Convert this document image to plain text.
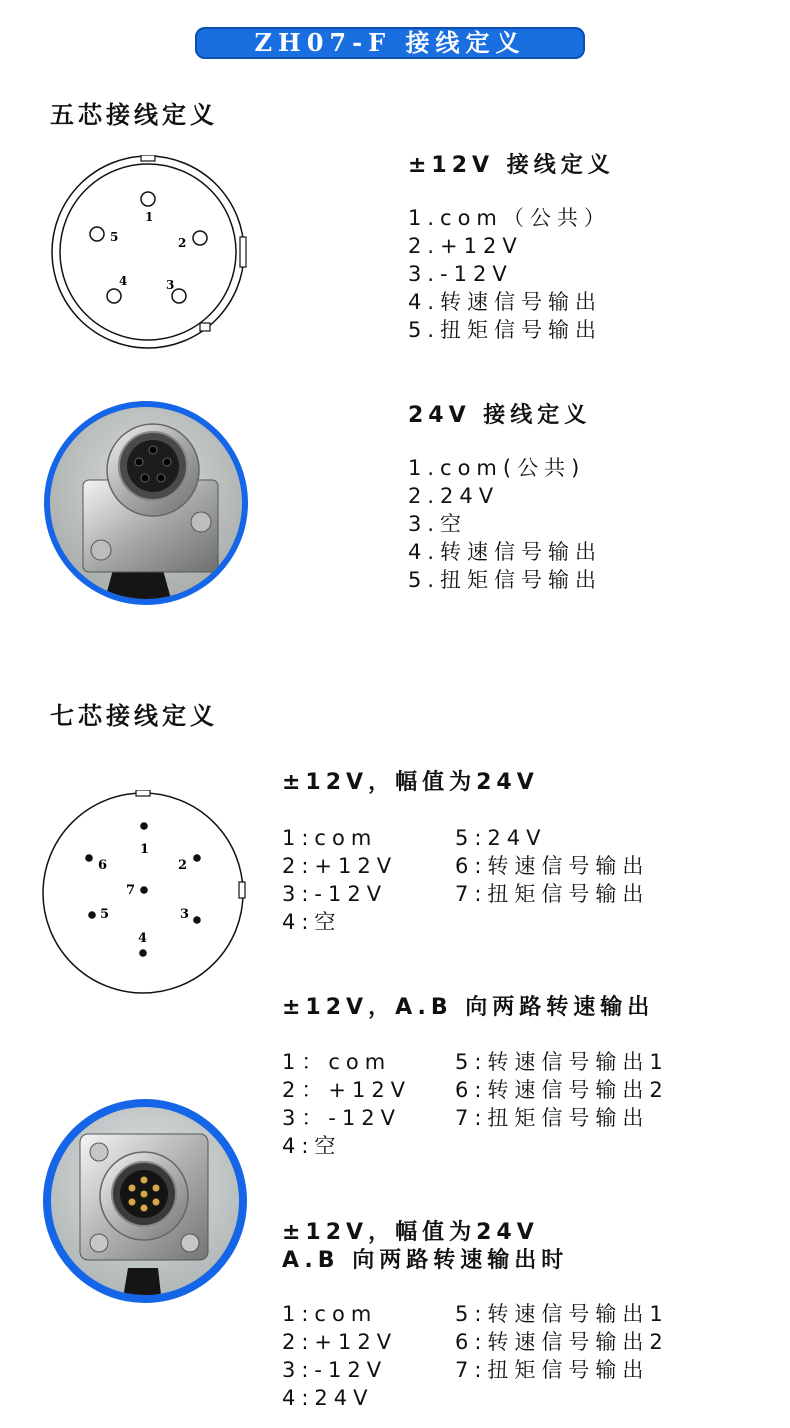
ZH07-F 接线定义
五芯接线定义
1
2
3
4
5
±12V 接线定义
1.com（公共）
2.+12V
3.-12V
4.转速信号输出
5.扭矩信号输出
24V 接线定义
1.com(公共)
2.24V
3.空
4.转速信号输出
5.扭矩信号输出
七芯接线定义
1
2
3
4
5
6
7
±12V，幅值为24V
1:com
2:+12V
3:-12V
4:空
5:24V
6:转速信号输出
7:扭矩信号输出
±12V，A.B 向两路转速输出
1：com
2：+12V
3：-12V
4:空
5:转速信号输出1
6:转速信号输出2
7:扭矩信号输出
±12V，幅值为24V
A.B 向两路转速输出时
1:com
2:+12V
3:-12V
4:24V
5:转速信号输出1
6:转速信号输出2
7:扭矩信号输出
